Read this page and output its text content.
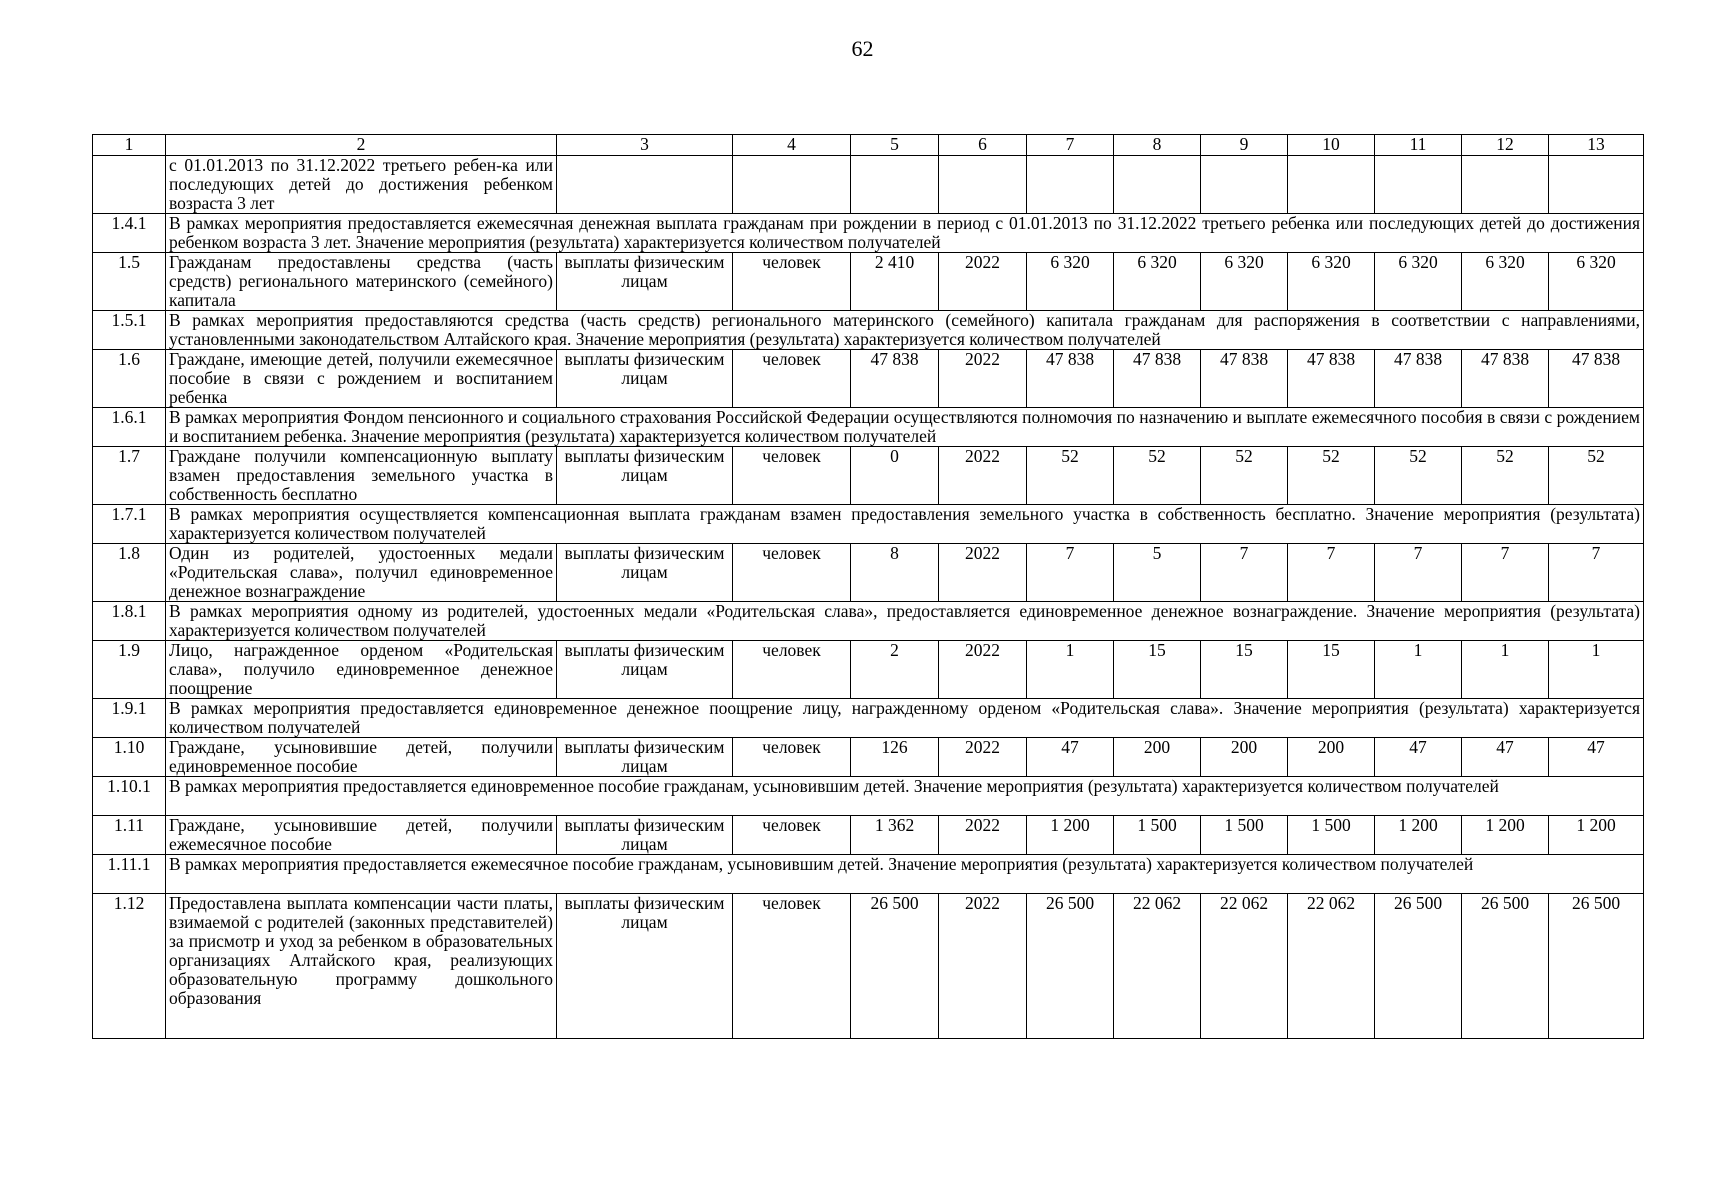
62
1	2	3	4	5	6	7	8	9	10	11	12	13
	с 01.01.2013 по 31.12.2022 третьего ребен-ка или последующих детей до достижения ребенком возраста 3 лет											
1.4.1	В рамках мероприятия предоставляется ежемесячная денежная выплата гражданам при рождении в период с 01.01.2013 по 31.12.2022 третьего ребенка или последующих детей до достижения ребенком возраста 3 лет. Значение мероприятия (результата) характеризуется количеством получателей											
1.5	Гражданам предоставлены средства (часть средств) регионального материнского (семейного) капитала	выплаты физическим лицам	человек	2 410	2022	6 320	6 320	6 320	6 320	6 320	6 320	6 320
1.5.1	В рамках мероприятия предоставляются средства (часть средств) регионального материнского (семейного) капитала гражданам для распоряжения в соответствии с направлениями, установленными законодательством Алтайского края. Значение мероприятия (результата) характеризуется количеством получателей											
1.6	Граждане, имеющие детей, получили ежемесячное пособие в связи с рождением и воспитанием ребенка	выплаты физическим лицам	человек	47 838	2022	47 838	47 838	47 838	47 838	47 838	47 838	47 838
1.6.1	В рамках мероприятия Фондом пенсионного и социального страхования Российской Федерации осуществляются полномочия по назначению и выплате ежемесячного пособия в связи с рождением и воспитанием ребенка. Значение мероприятия (результата) характеризуется количеством получателей											
1.7	Граждане получили компенсационную выплату взамен предоставления земельного участка в собственность бесплатно	выплаты физическим лицам	человек	0	2022	52	52	52	52	52	52	52
1.7.1	В рамках мероприятия осуществляется компенсационная выплата гражданам взамен предоставления земельного участка в собственность бесплатно. Значение мероприятия (результата) характеризуется количеством получателей											
1.8	Один из родителей, удостоенных медали «Родительская слава», получил единовременное денежное вознаграждение	выплаты физическим лицам	человек	8	2022	7	5	7	7	7	7	7
1.8.1	В рамках мероприятия одному из родителей, удостоенных медали «Родительская слава», предоставляется единовременное денежное вознаграждение. Значение мероприятия (результата) характеризуется количеством получателей											
1.9	Лицо, награжденное орденом «Родительская слава», получило единовременное денежное поощрение	выплаты физическим лицам	человек	2	2022	1	15	15	15	1	1	1
1.9.1	В рамках мероприятия предоставляется единовременное денежное поощрение лицу, награжденному орденом «Родительская слава». Значение мероприятия (результата) характеризуется количеством получателей											
1.10	Граждане, усыновившие детей, получили единовременное пособие	выплаты физическим лицам	человек	126	2022	47	200	200	200	47	47	47
1.10.1	В рамках мероприятия предоставляется единовременное пособие гражданам, усыновившим детей. Значение мероприятия (результата) характеризуется количеством получателей											
1.11	Граждане, усыновившие детей, получили ежемесячное пособие	выплаты физическим лицам	человек	1 362	2022	1 200	1 500	1 500	1 500	1 200	1 200	1 200
1.11.1	В рамках мероприятия предоставляется ежемесячное пособие гражданам, усыновившим детей. Значение мероприятия (результата) характеризуется количеством получателей											
1.12	Предоставлена выплата компенсации части платы, взимаемой с родителей (законных представителей) за присмотр и уход за ребенком в образовательных организациях Алтайского края, реализующих образовательную программу дошкольного образования	выплаты физическим лицам	человек	26 500	2022	26 500	22 062	22 062	22 062	26 500	26 500	26 500
